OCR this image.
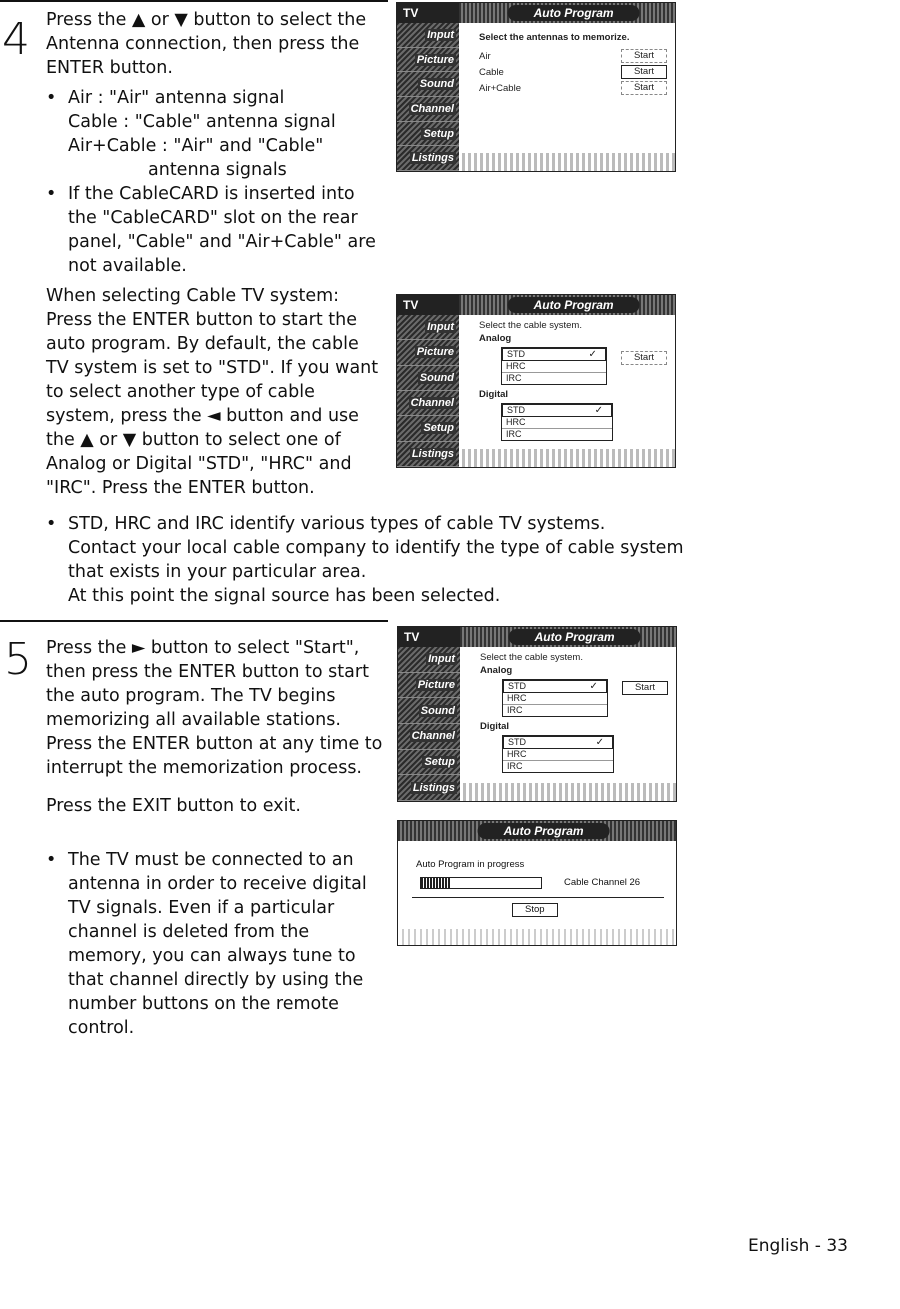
4 Press the ▲ or ▼ button to select the Antenna connection, then press the ENTER button.
• Air : "Air" antenna signal
Cable : "Cable" antenna signal
Air+Cable : "Air" and "Cable"
antenna signals
• If the CableCARD is inserted into the "CableCARD" slot on the rear panel, "Cable" and "Air+Cable" are not available.
When selecting Cable TV system: Press the ENTER button to start the auto program. By default, the cable TV system is set to "STD". If you want to select another type of cable system, press the ◄ button and use the ▲ or ▼ button to select one of Analog or Digital "STD", "HRC" and "IRC". Press the ENTER button.
• STD, HRC and IRC identify various types of cable TV systems.
Contact your local cable company to identify the type of cable system
that exists in your particular area.
At this point the signal source has been selected.
TV
Input
Picture
Sound
Channel
Setup
Listings
Auto Program
Select the antennas to memorize.
Air	Start
Cable	Start
Air+Cable	Start
TV
Input
Picture
Sound
Channel
Setup
Listings
Auto Program
Select the cable system.
Analog
STD	✓
HRC
IRC
Start
Digital
STD	✓
HRC
IRC
5 Press the ► button to select "Start", then press the ENTER button to start the auto program. The TV begins memorizing all available stations. Press the ENTER button at any time to interrupt the memorization process.
Press the EXIT button to exit.
• The TV must be connected to an antenna in order to receive digital TV signals. Even if a particular channel is deleted from the memory, you can always tune to that channel directly by using the number buttons on the remote control.
TV
Input
Picture
Sound
Channel
Setup
Listings
Auto Program
Select the cable system.
Analog
STD	✓
HRC
IRC
Start
Digital
STD	✓
HRC
IRC
Auto Program
Auto Program in progress
Cable Channel 26
Stop
English - 33
